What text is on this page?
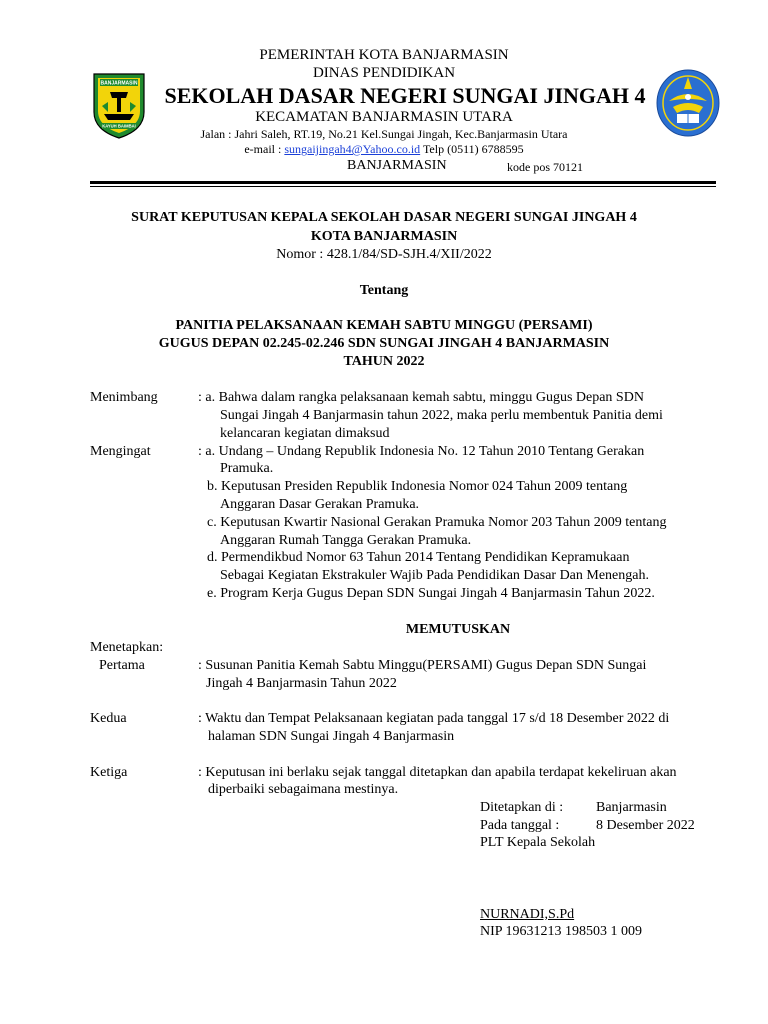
BANJARMASIN
KAYUH BAIMBAI
PEMERINTAH KOTA BANJARMASIN
DINAS PENDIDIKAN
SEKOLAH DASAR NEGERI SUNGAI JINGAH 4
KECAMATAN BANJARMASIN UTARA
Jalan : Jahri Saleh, RT.19, No.21 Kel.Sungai Jingah, Kec.Banjarmasin Utara
e-mail : sungaijingah4@Yahoo.co.id Telp (0511) 6788595
BANJARMASIN	kode pos 70121
SURAT KEPUTUSAN KEPALA SEKOLAH DASAR NEGERI SUNGAI JINGAH 4
KOTA BANJARMASIN
Nomor : 428.1/84/SD-SJH.4/XII/2022
Tentang
PANITIA PELAKSANAAN KEMAH SABTU MINGGU (PERSAMI)
GUGUS DEPAN 02.245-02.246 SDN SUNGAI JINGAH 4 BANJARMASIN
TAHUN 2022
Menimbang	: a. Bahwa dalam rangka pelaksanaan kemah sabtu, minggu Gugus Depan SDN
Sungai Jingah 4 Banjarmasin tahun 2022, maka perlu membentuk Panitia demi
kelancaran kegiatan dimaksud
Mengingat	: a. Undang – Undang Republik Indonesia No. 12 Tahun 2010 Tentang Gerakan
Pramuka.
b. Keputusan Presiden Republik Indonesia Nomor 024 Tahun 2009 tentang
Anggaran Dasar Gerakan Pramuka.
c. Keputusan Kwartir Nasional Gerakan Pramuka Nomor 203 Tahun 2009 tentang
Anggaran Rumah Tangga Gerakan Pramuka.
d. Permendikbud Nomor 63 Tahun 2014 Tentang Pendidikan Kepramukaan
Sebagai Kegiatan Ekstrakuler Wajib Pada Pendidikan Dasar Dan Menengah.
e. Program Kerja Gugus Depan SDN Sungai Jingah 4 Banjarmasin Tahun 2022.
MEMUTUSKAN
Menetapkan:
Pertama	: Susunan Panitia Kemah Sabtu Minggu(PERSAMI) Gugus Depan SDN Sungai
Jingah 4 Banjarmasin Tahun 2022
Kedua	: Waktu dan Tempat Pelaksanaan kegiatan pada tanggal 17 s/d 18 Desember 2022 di
halaman SDN Sungai Jingah 4 Banjarmasin
Ketiga	: Keputusan ini berlaku sejak tanggal ditetapkan dan apabila terdapat kekeliruan akan
diperbaiki sebagaimana mestinya.
Ditetapkan di : Banjarmasin
Pada tanggal :	8 Desember 2022
PLT Kepala Sekolah
NURNADI,S.Pd
NIP 19631213 198503 1 009
